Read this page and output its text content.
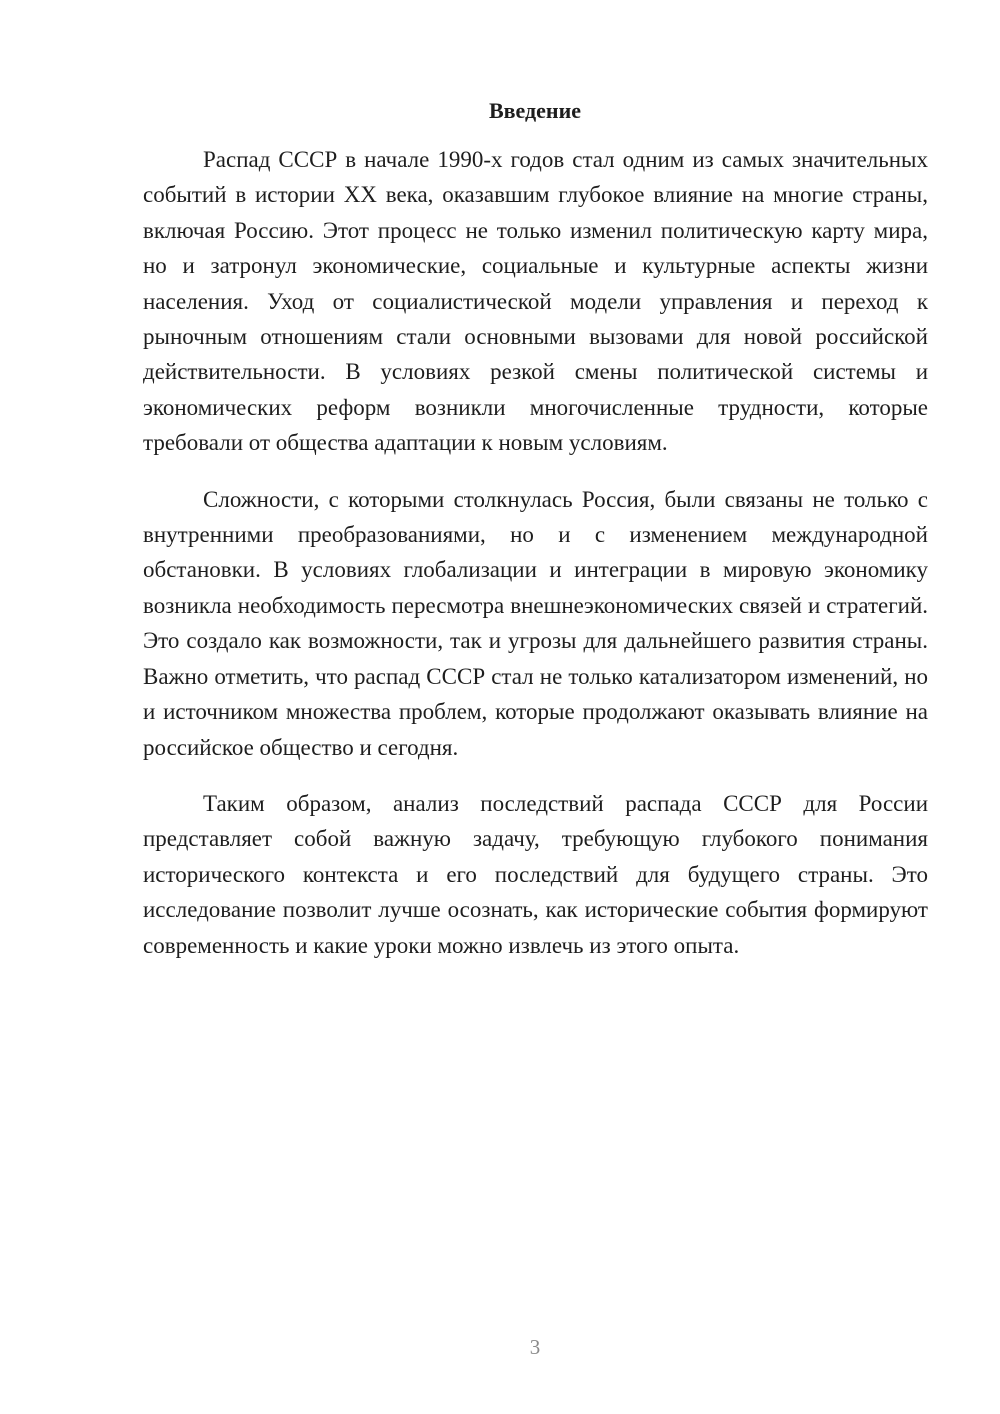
Введение

Распад СССР в начале 1990-х годов стал одним из самых значительных событий в истории XX века, оказавшим глубокое влияние на многие страны, включая Россию. Этот процесс не только изменил политическую карту мира, но и затронул экономические, социальные и культурные аспекты жизни населения. Уход от социалистической модели управления и переход к рыночным отношениям стали основными вызовами для новой российской действительности. В условиях резкой смены политической системы и экономических реформ возникли многочисленные трудности, которые требовали от общества адаптации к новым условиям.

Сложности, с которыми столкнулась Россия, были связаны не только с внутренними преобразованиями, но и с изменением международной обстановки. В условиях глобализации и интеграции в мировую экономику возникла необходимость пересмотра внешнеэкономических связей и стратегий. Это создало как возможности, так и угрозы для дальнейшего развития страны. Важно отметить, что распад СССР стал не только катализатором изменений, но и источником множества проблем, которые продолжают оказывать влияние на российское общество и сегодня.

Таким образом, анализ последствий распада СССР для России представляет собой важную задачу, требующую глубокого понимания исторического контекста и его последствий для будущего страны. Это исследование позволит лучше осознать, как исторические события формируют современность и какие уроки можно извлечь из этого опыта.

3
